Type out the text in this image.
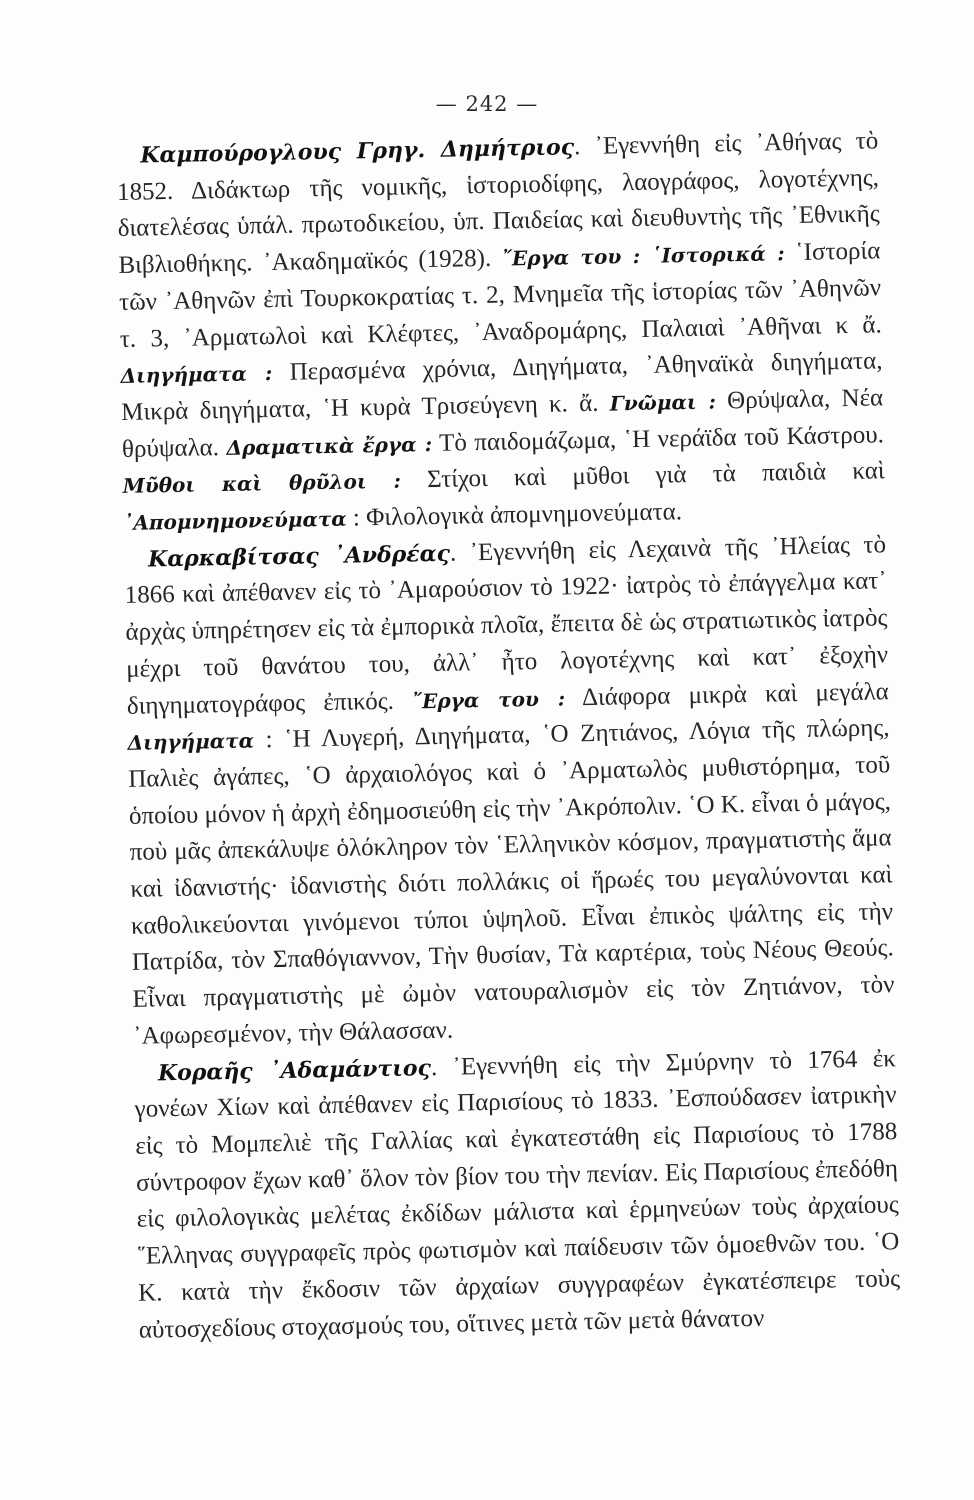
— 242 —

Καμπούρογλους Γρηγ. Δημήτριος. ᾿Εγεννήθη εἰς ᾿Αθήνας τὸ 1852. Διδάκτωρ τῆς νομικῆς, ἱστοριοδίφης, λαογράφος, λογοτέχνης, διατελέσας ὑπάλ. πρωτοδικείου, ὑπ. Παιδείας καὶ διευθυντὴς τῆς ᾿Εθνικῆς Βιβλιοθήκης. ᾿Ακαδημαϊκός (1928). ῎Εργα του : ῾Ιστορικά : ῾Ιστορία τῶν ᾿Αθηνῶν ἐπὶ Τουρκοκρατίας τ. 2, Μνημεῖα τῆς ἱστορίας τῶν ᾿Αθηνῶν τ. 3, ᾿Αρματωλοὶ καὶ Κλέφτες, ᾿Αναδρομάρης, Παλαιαὶ ᾿Αθῆναι κ ἄ. Διηγήματα : Περασμένα χρόνια, Διηγήματα, ᾿Αθηναϊκὰ διηγήματα, Μικρὰ διηγήματα, ῾Η κυρὰ Τρισεύγενη κ. ἄ. Γνῶμαι : Θρύψαλα, Νέα θρύψαλα. Δραματικὰ ἔργα : Τὸ παιδομάζωμα, ῾Η νεράϊδα τοῦ Κάστρου. Μῦθοι καὶ θρῦλοι : Στίχοι καὶ μῦθοι γιὰ τὰ παιδιὰ καὶ ᾿Απομνημονεύματα : Φιλολογικὰ ἀπομνημονεύματα.

Καρκαβίτσας ᾿Ανδρέας. ᾿Εγεννήθη εἰς Λεχαινὰ τῆς ᾿Ηλείας τὸ 1866 καὶ ἀπέθανεν εἰς τὸ ᾿Αμαρούσιον τὸ 1922· ἰατρὸς τὸ ἐπάγγελμα κατ᾿ ἀρχὰς ὑπηρέτησεν εἰς τὰ ἐμπορικὰ πλοῖα, ἔπειτα δὲ ὡς στρατιωτικὸς ἰατρὸς μέχρι τοῦ θανάτου του, ἀλλ᾿ ἦτο λογοτέχνης καὶ κατ᾿ ἐξοχὴν διηγηματογράφος ἐπικός. ῎Εργα του : Διάφορα μικρὰ καὶ μεγάλα Διηγήματα : ῾Η Λυγερή, Διηγήματα, ῾Ο Ζητιάνος, Λόγια τῆς πλώρης, Παλιὲς ἀγάπες, ῾Ο ἀρχαιολόγος καὶ ὁ ᾿Αρματωλὸς μυθιστόρημα, τοῦ ὁποίου μόνον ἡ ἀρχὴ ἐδημοσιεύθη εἰς τὴν ᾿Ακρόπολιν. ῾Ο Κ. εἶναι ὁ μάγος, ποὺ μᾶς ἀπεκάλυψε ὁλόκληρον τὸν ῾Ελληνικὸν κόσμον, πραγματιστὴς ἅμα καὶ ἰδανιστής· ἰδανιστὴς διότι πολλάκις οἱ ἥρωές του μεγαλύνονται καὶ καθολικεύονται γινόμενοι τύποι ὑψηλοῦ. Εἶναι ἐπικὸς ψάλτης εἰς τὴν Πατρίδα, τὸν Σπαθόγιαννον, Τὴν θυσίαν, Τὰ καρτέρια, τοὺς Νέους Θεούς. Εἶναι πραγματιστὴς μὲ ὠμὸν νατουραλισμὸν εἰς τὸν Ζητιάνον, τὸν ᾿Αφωρεσμένον, τὴν Θάλασσαν.

Κοραῆς ᾿Αδαμάντιος. ᾿Εγεννήθη εἰς τὴν Σμύρνην τὸ 1764 ἐκ γονέων Χίων καὶ ἀπέθανεν εἰς Παρισίους τὸ 1833. ᾿Εσπούδασεν ἰατρικὴν εἰς τὸ Μομπελιὲ τῆς Γαλλίας καὶ ἐγκατεστάθη εἰς Παρισίους τὸ 1788 σύντροφον ἔχων καθ᾿ ὅλον τὸν βίον του τὴν πενίαν. Εἰς Παρισίους ἐπεδόθη εἰς φιλολογικὰς μελέτας ἐκδίδων μάλιστα καὶ ἑρμηνεύων τοὺς ἀρχαίους ῞Ελληνας συγγραφεῖς πρὸς φωτισμὸν καὶ παίδευσιν τῶν ὁμοεθνῶν του. ῾Ο Κ. κατὰ τὴν ἔκδοσιν τῶν ἀρχαίων συγγραφέων ἐγκατέσπειρε τοὺς αὐτοσχεδίους στοχασμούς του, οἵτινες μετὰ τῶν μετὰ θάνατον
